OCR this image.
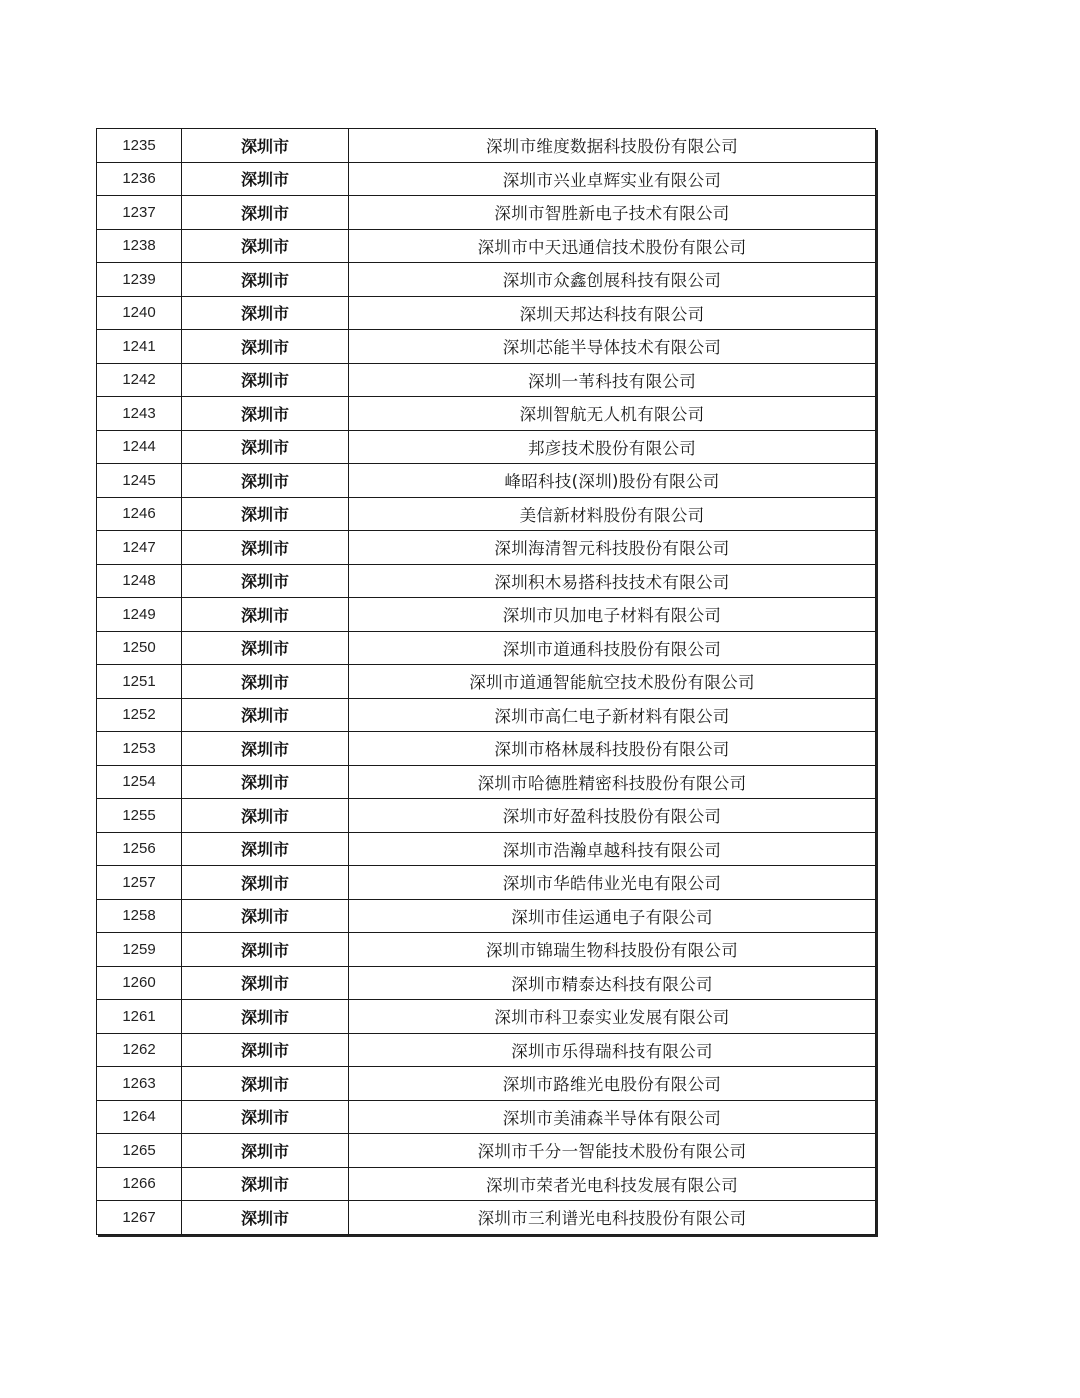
1235	深圳市	深圳市维度数据科技股份有限公司
1236	深圳市	深圳市兴业卓辉实业有限公司
1237	深圳市	深圳市智胜新电子技术有限公司
1238	深圳市	深圳市中天迅通信技术股份有限公司
1239	深圳市	深圳市众鑫创展科技有限公司
1240	深圳市	深圳天邦达科技有限公司
1241	深圳市	深圳芯能半导体技术有限公司
1242	深圳市	深圳一苇科技有限公司
1243	深圳市	深圳智航无人机有限公司
1244	深圳市	邦彦技术股份有限公司
1245	深圳市	峰昭科技(深圳)股份有限公司
1246	深圳市	美信新材料股份有限公司
1247	深圳市	深圳海清智元科技股份有限公司
1248	深圳市	深圳积木易搭科技技术有限公司
1249	深圳市	深圳市贝加电子材料有限公司
1250	深圳市	深圳市道通科技股份有限公司
1251	深圳市	深圳市道通智能航空技术股份有限公司
1252	深圳市	深圳市高仁电子新材料有限公司
1253	深圳市	深圳市格林晟科技股份有限公司
1254	深圳市	深圳市哈德胜精密科技股份有限公司
1255	深圳市	深圳市好盈科技股份有限公司
1256	深圳市	深圳市浩瀚卓越科技有限公司
1257	深圳市	深圳市华皓伟业光电有限公司
1258	深圳市	深圳市佳运通电子有限公司
1259	深圳市	深圳市锦瑞生物科技股份有限公司
1260	深圳市	深圳市精泰达科技有限公司
1261	深圳市	深圳市科卫泰实业发展有限公司
1262	深圳市	深圳市乐得瑞科技有限公司
1263	深圳市	深圳市路维光电股份有限公司
1264	深圳市	深圳市美浦森半导体有限公司
1265	深圳市	深圳市千分一智能技术股份有限公司
1266	深圳市	深圳市荣者光电科技发展有限公司
1267	深圳市	深圳市三利谱光电科技股份有限公司
